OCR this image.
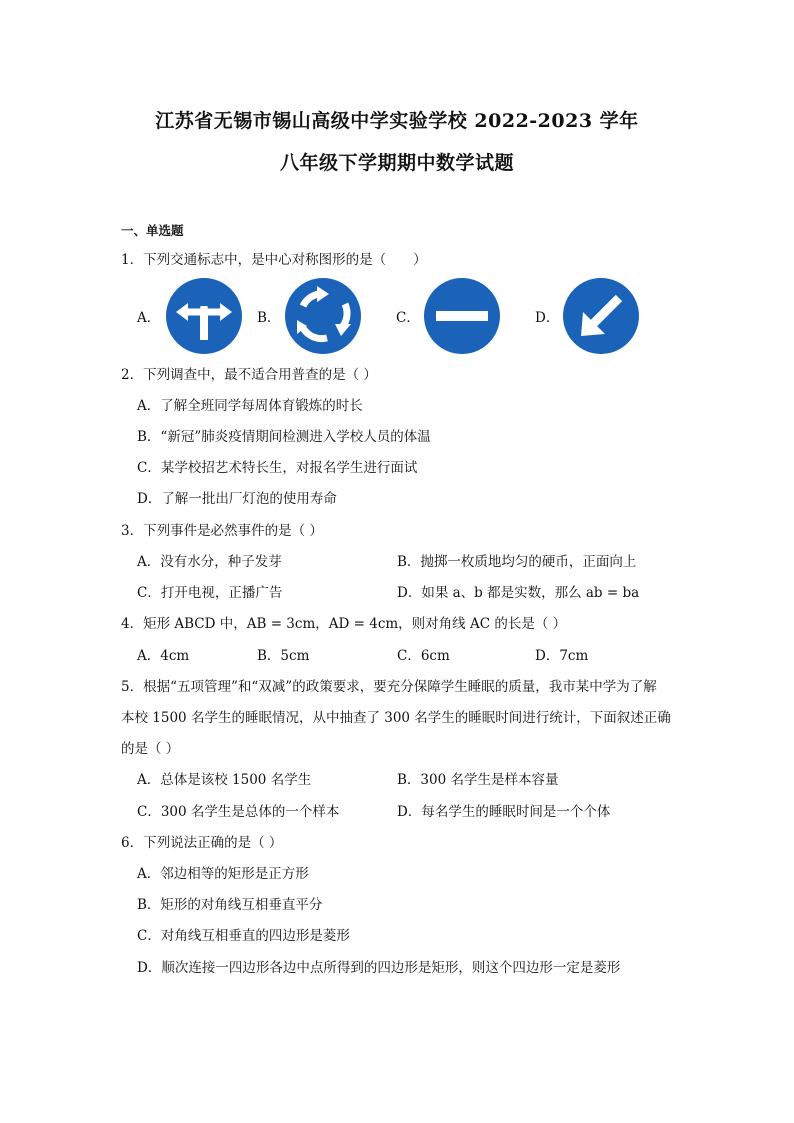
江苏省无锡市锡山高级中学实验学校 2022-2023 学年
八年级下学期期中数学试题
一、单选题
1．下列交通标志中，是中心对称图形的是（　　）
A．	B．	C．	D．
2．下列调查中，最不适合用普查的是（ ）
A．了解全班同学每周体育锻炼的时长
B．“新冠”肺炎疫情期间检测进入学校人员的体温
C．某学校招艺术特长生，对报名学生进行面试
D．了解一批出厂灯泡的使用寿命
3．下列事件是必然事件的是（ ）
A．没有水分，种子发芽	B．抛掷一枚质地均匀的硬币，正面向上
C．打开电视，正播广告	D．如果 a、b 都是实数，那么 ab = ba
4．矩形 ABCD 中，AB = 3cm，AD = 4cm，则对角线 AC 的长是（ ）
A．4cm	B．5cm	C．6cm	D．7cm
5．根据“五项管理”和“双减”的政策要求，要充分保障学生睡眠的质量，我市某中学为了解
本校 1500 名学生的睡眠情况，从中抽查了 300 名学生的睡眠时间进行统计，下面叙述正确
的是（ ）
A．总体是该校 1500 名学生	B．300 名学生是样本容量
C．300 名学生是总体的一个样本	D．每名学生的睡眠时间是一个个体
6．下列说法正确的是（ ）
A．邻边相等的矩形是正方形
B．矩形的对角线互相垂直平分
C．对角线互相垂直的四边形是菱形
D．顺次连接一四边形各边中点所得到的四边形是矩形，则这个四边形一定是菱形
